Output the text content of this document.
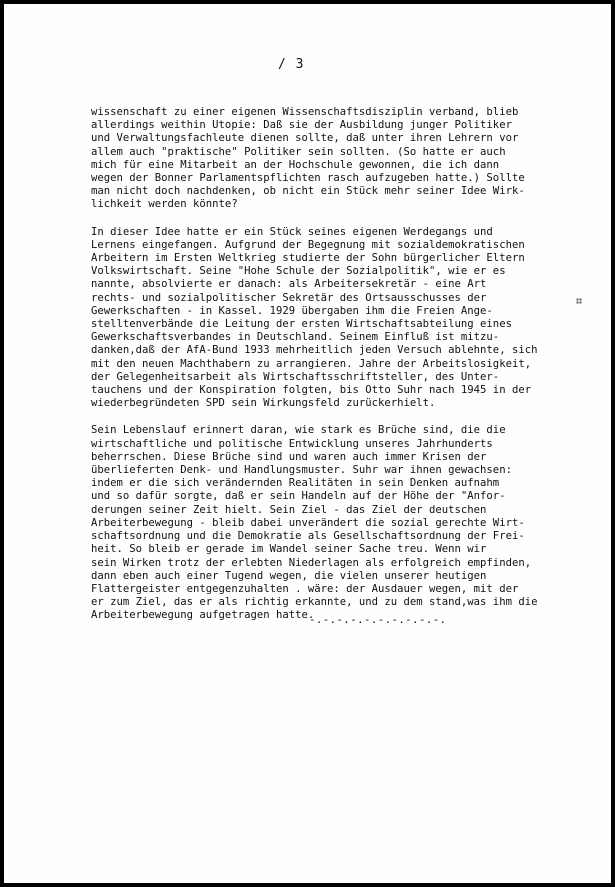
/ 3
wissenschaft zu einer eigenen Wissenschaftsdisziplin verband, blieb
allerdings weithin Utopie: Daß sie der Ausbildung junger Politiker
und Verwaltungsfachleute dienen sollte, daß unter ihren Lehrern vor
allem auch "praktische" Politiker sein sollten. (So hatte er auch
mich für eine Mitarbeit an der Hochschule gewonnen, die ich dann
wegen der Bonner Parlamentspflichten rasch aufzugeben hatte.) Sollte
man nicht doch nachdenken, ob nicht ein Stück mehr seiner Idee Wirk-
lichkeit werden könnte?
In dieser Idee hatte er ein Stück seines eigenen Werdegangs und
Lernens eingefangen. Aufgrund der Begegnung mit sozialdemokratischen
Arbeitern im Ersten Weltkrieg studierte der Sohn bürgerlicher Eltern
Volkswirtschaft. Seine "Hohe Schule der Sozialpolitik", wie er es
nannte, absolvierte er danach: als Arbeitersekretär - eine Art
rechts- und sozialpolitischer Sekretär des Ortsausschusses der
Gewerkschaften - in Kassel. 1929 übergaben ihm die Freien Ange-
stelltenverbände die Leitung der ersten Wirtschaftsabteilung eines
Gewerkschaftsverbandes in Deutschland. Seinem Einfluß ist mitzu-
danken,daß der AfA-Bund 1933 mehrheitlich jeden Versuch ablehnte, sich
mit den neuen Machthabern zu arrangieren. Jahre der Arbeitslosigkeit,
der Gelegenheitsarbeit als Wirtschaftsschriftsteller, des Unter-
tauchens und der Konspiration folgten, bis Otto Suhr nach 1945 in der
wiederbegründeten SPD sein Wirkungsfeld zurückerhielt.
Sein Lebenslauf erinnert daran, wie stark es Brüche sind, die die
wirtschaftliche und politische Entwicklung unseres Jahrhunderts
beherrschen. Diese Brüche sind und waren auch immer Krisen der
überlieferten Denk- und Handlungsmuster. Suhr war ihnen gewachsen:
indem er die sich verändernden Realitäten in sein Denken aufnahm
und so dafür sorgte, daß er sein Handeln auf der Höhe der "Anfor-
derungen seiner Zeit hielt. Sein Ziel - das Ziel der deutschen
Arbeiterbewegung - bleib dabei unverändert die sozial gerechte Wirt-
schaftsordnung und die Demokratie als Gesellschaftsordnung der Frei-
heit. So bleib er gerade im Wandel seiner Sache treu. Wenn wir
sein Wirken trotz der erlebten Niederlagen als erfolgreich empfinden,
dann eben auch einer Tugend wegen, die vielen unserer heutigen
Flattergeister entgegenzuhalten . wäre: der Ausdauer wegen, mit der
er zum Ziel, das er als richtig erkannte, und zu dem stand,was ihm die
Arbeiterbewegung aufgetragen hatte.
-.-.-.-.-.-.-.-.-.-.
